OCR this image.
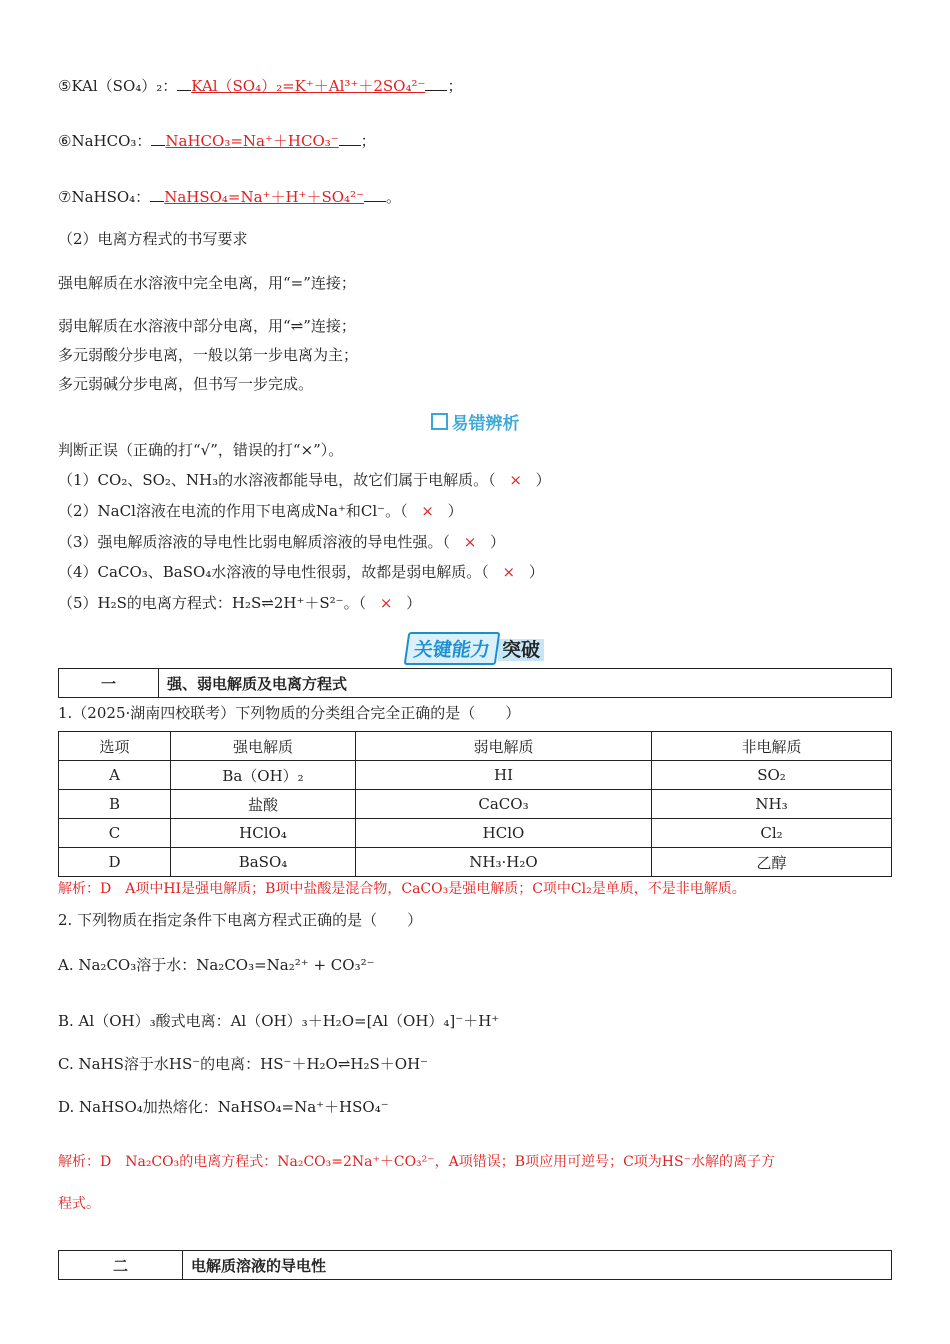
⑤KAl（SO₄）₂： KAl（SO₄）₂=K⁺＋Al³⁺＋2SO₄²⁻ ；
⑥NaHCO₃： NaHCO₃=Na⁺＋HCO₃⁻ ；
⑦NaHSO₄： NaHSO₄=Na⁺＋H⁺＋SO₄²⁻ 。
（2）电离方程式的书写要求
强电解质在水溶液中完全电离，用“=”连接；
弱电解质在水溶液中部分电离，用“⇌”连接；
多元弱酸分步电离，一般以第一步电离为主；
多元弱碱分步电离，但书写一步完成。
易错辨析
判断正误（正确的打“√”，错误的打“×”）。
（1）CO₂、SO₂、NH₃的水溶液都能导电，故它们属于电解质。（ × ）
（2）NaCl溶液在电流的作用下电离成Na⁺和Cl⁻。（ × ）
（3）强电解质溶液的导电性比弱电解质溶液的导电性强。（ × ）
（4）CaCO₃、BaSO₄水溶液的导电性很弱，故都是弱电解质。（ × ）
（5）H₂S的电离方程式：H₂S⇌2H⁺＋S²⁻。（ × ）
关键能力 突破
一	强、弱电解质及电离方程式
1.（2025·湖南四校联考）下列物质的分类组合完全正确的是（　　）
选项	强电解质	弱电解质	非电解质
A	Ba（OH）₂	HI	SO₂
B	盐酸	CaCO₃	NH₃
C	HClO₄	HClO	Cl₂
D	BaSO₄	NH₃·H₂O	乙醇
解析：D　A项中HI是强电解质；B项中盐酸是混合物，CaCO₃是强电解质；C项中Cl₂是单质，不是非电解质。
2. 下列物质在指定条件下电离方程式正确的是（　　）
A. Na₂CO₃溶于水：Na₂CO₃=Na₂²⁺ + CO₃²⁻
B. Al（OH）₃酸式电离：Al（OH）₃＋H₂O=[Al（OH）₄]⁻＋H⁺
C. NaHS溶于水HS⁻的电离：HS⁻＋H₂O⇌H₂S＋OH⁻
D. NaHSO₄加热熔化：NaHSO₄=Na⁺＋HSO₄⁻
解析：D　Na₂CO₃的电离方程式：Na₂CO₃=2Na⁺＋CO₃²⁻，A项错误；B项应用可逆号；C项为HS⁻水解的离子方
程式。
二	电解质溶液的导电性
